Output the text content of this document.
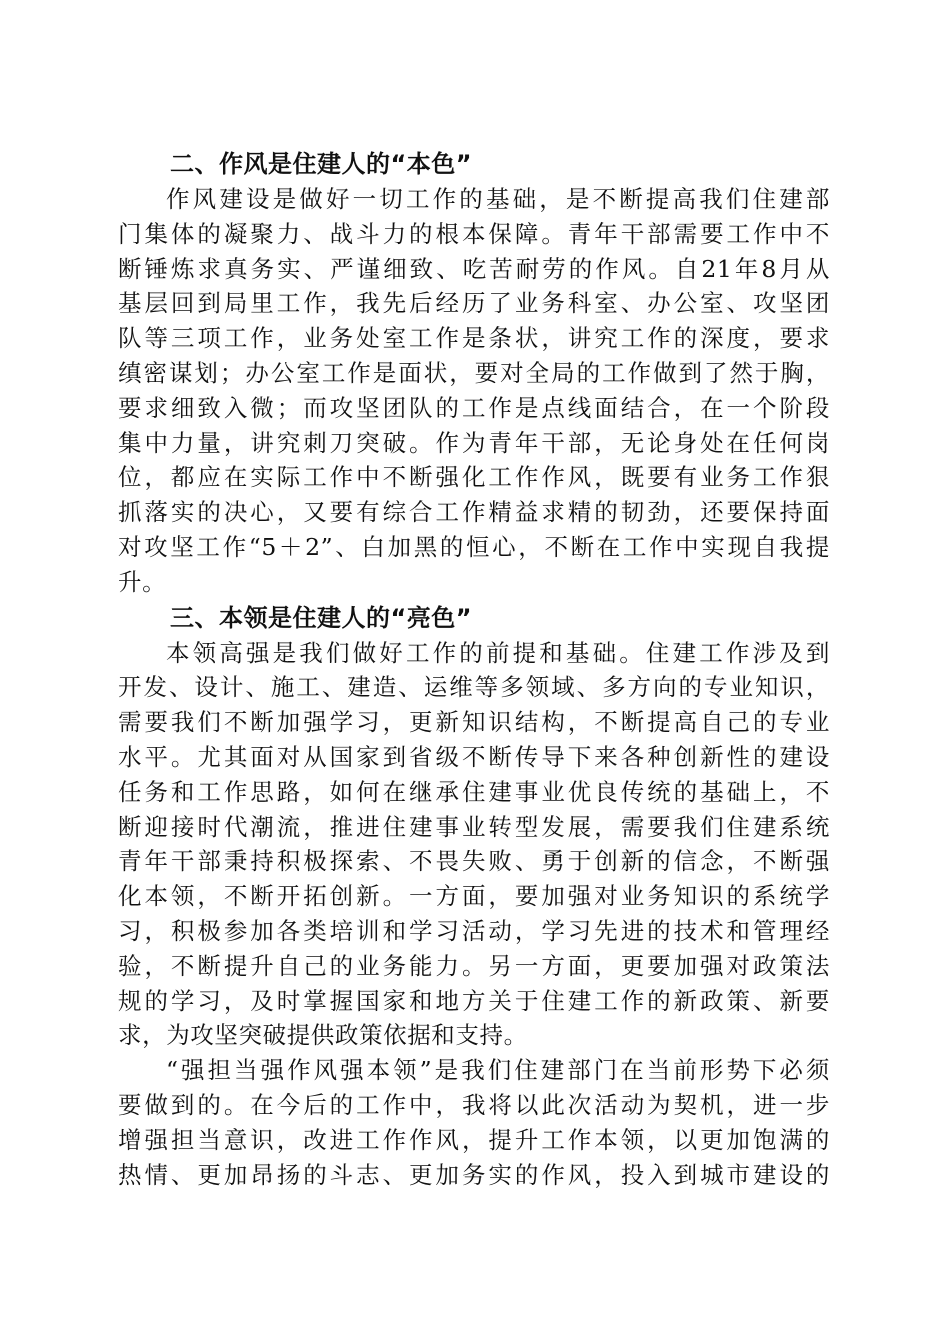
二、作风是住建人的“本色”

作风建设是做好一切工作的基础，是不断提高我们住建部
门集体的凝聚力、战斗力的根本保障。青年干部需要工作中不
断锤炼求真务实、严谨细致、吃苦耐劳的作风。自21年8月从
基层回到局里工作，我先后经历了业务科室、办公室、攻坚团
队等三项工作，业务处室工作是条状，讲究工作的深度，要求
缜密谋划；办公室工作是面状，要对全局的工作做到了然于胸，
要求细致入微；而攻坚团队的工作是点线面结合，在一个阶段
集中力量，讲究刺刀突破。作为青年干部，无论身处在任何岗
位，都应在实际工作中不断强化工作作风，既要有业务工作狠
抓落实的决心，又要有综合工作精益求精的韧劲，还要保持面
对攻坚工作“5＋2”、白加黑的恒心，不断在工作中实现自我提
升。

三、本领是住建人的“亮色”

本领高强是我们做好工作的前提和基础。住建工作涉及到
开发、设计、施工、建造、运维等多领域、多方向的专业知识，
需要我们不断加强学习，更新知识结构，不断提高自己的专业
水平。尤其面对从国家到省级不断传导下来各种创新性的建设
任务和工作思路，如何在继承住建事业优良传统的基础上，不
断迎接时代潮流，推进住建事业转型发展，需要我们住建系统
青年干部秉持积极探索、不畏失败、勇于创新的信念，不断强
化本领，不断开拓创新。一方面，要加强对业务知识的系统学
习，积极参加各类培训和学习活动，学习先进的技术和管理经
验，不断提升自己的业务能力。另一方面，更要加强对政策法
规的学习，及时掌握国家和地方关于住建工作的新政策、新要
求，为攻坚突破提供政策依据和支持。

“强担当强作风强本领”是我们住建部门在当前形势下必须
要做到的。在今后的工作中，我将以此次活动为契机，进一步
增强担当意识，改进工作作风，提升工作本领，以更加饱满的
热情、更加昂扬的斗志、更加务实的作风，投入到城市建设的
